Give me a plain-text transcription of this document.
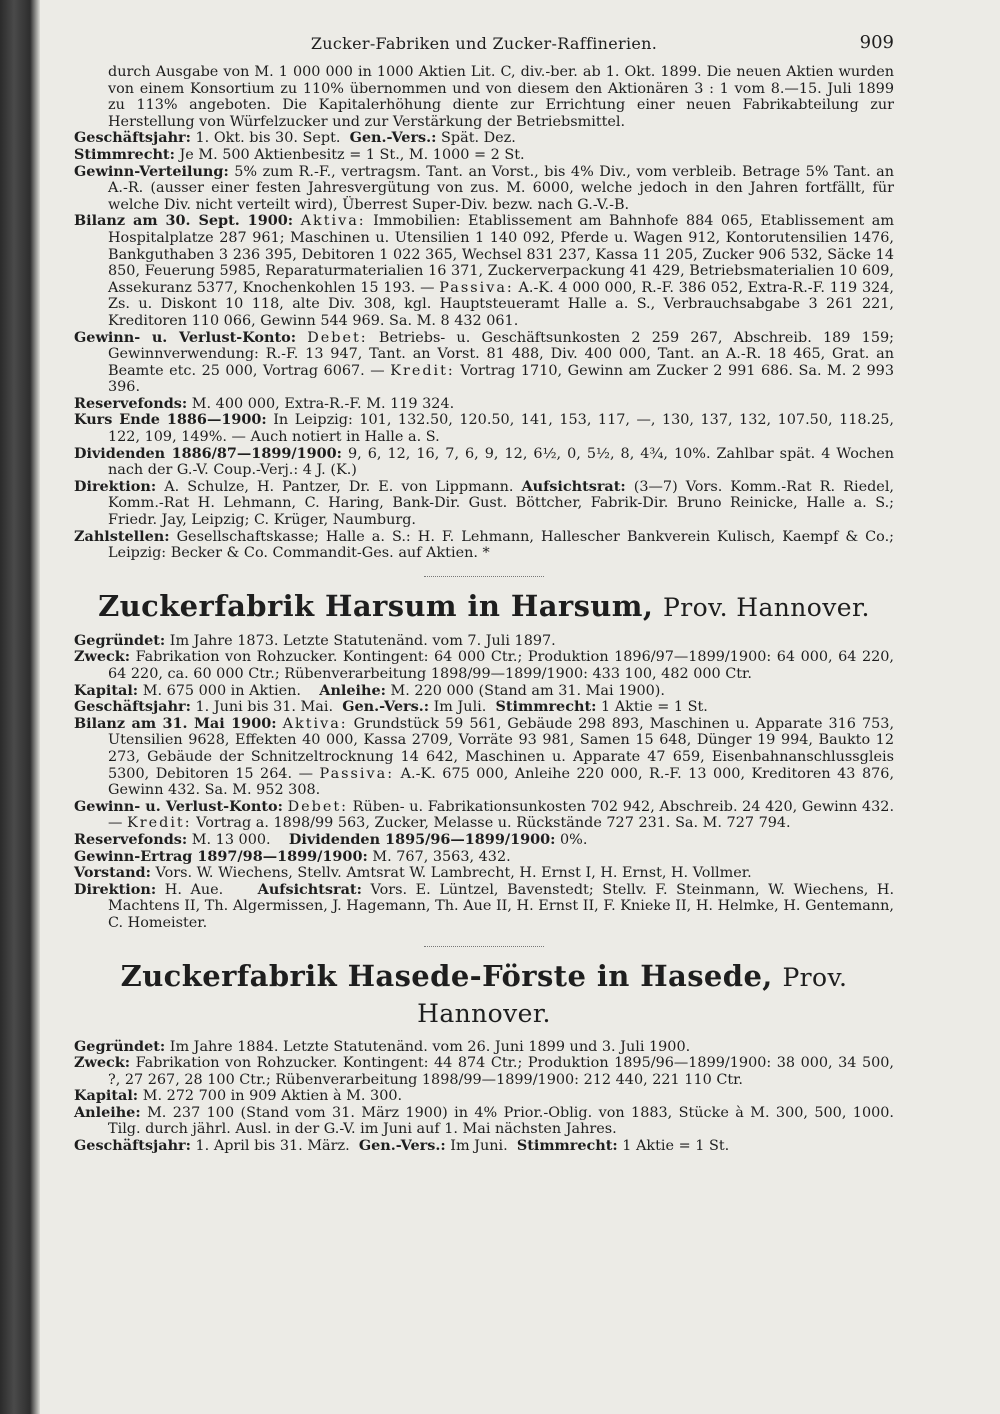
Zucker-Fabriken und Zucker-Raffinerien.	909

durch Ausgabe von M. 1 000 000 in 1000 Aktien Lit. C, div.-ber. ab 1. Okt. 1899. Die neuen Aktien wurden von einem Konsortium zu 110% übernommen und von diesem den Aktionären 3 : 1 vom 8.—15. Juli 1899 zu 113% angeboten. Die Kapitalerhöhung diente zur Errichtung einer neuen Fabrikabteilung zur Herstellung von Würfelzucker und zur Verstärkung der Betriebsmittel.

Geschäftsjahr: 1. Okt. bis 30. Sept. Gen.-Vers.: Spät. Dez.

Stimmrecht: Je M. 500 Aktienbesitz = 1 St., M. 1000 = 2 St.

Gewinn-Verteilung: 5% zum R.-F., vertragsm. Tant. an Vorst., bis 4% Div., vom verbleib. Betrage 5% Tant. an A.-R. (ausser einer festen Jahresvergütung von zus. M. 6000, welche jedoch in den Jahren fortfällt, für welche Div. nicht verteilt wird), Überrest Super-Div. bezw. nach G.-V.-B.

Bilanz am 30. Sept. 1900: Aktiva: Immobilien: Etablissement am Bahnhofe 884 065, Etablissement am Hospitalplatze 287 961; Maschinen u. Utensilien 1 140 092, Pferde u. Wagen 912, Kontorutensilien 1476, Bankguthaben 3 236 395, Debitoren 1 022 365, Wechsel 831 237, Kassa 11 205, Zucker 906 532, Säcke 14 850, Feuerung 5985, Reparaturmaterialien 16 371, Zuckerverpackung 41 429, Betriebsmaterialien 10 609, Assekuranz 5377, Knochenkohlen 15 193. — Passiva: A.-K. 4 000 000, R.-F. 386 052, Extra-R.-F. 119 324, Zs. u. Diskont 10 118, alte Div. 308, kgl. Hauptsteueramt Halle a. S., Verbrauchsabgabe 3 261 221, Kreditoren 110 066, Gewinn 544 969. Sa. M. 8 432 061.

Gewinn- u. Verlust-Konto: Debet: Betriebs- u. Geschäftsunkosten 2 259 267, Abschreib. 189 159; Gewinnverwendung: R.-F. 13 947, Tant. an Vorst. 81 488, Div. 400 000, Tant. an A.-R. 18 465, Grat. an Beamte etc. 25 000, Vortrag 6067. — Kredit: Vortrag 1710, Gewinn am Zucker 2 991 686. Sa. M. 2 993 396.

Reservefonds: M. 400 000, Extra-R.-F. M. 119 324.

Kurs Ende 1886—1900: In Leipzig: 101, 132.50, 120.50, 141, 153, 117, —, 130, 137, 132, 107.50, 118.25, 122, 109, 149%. — Auch notiert in Halle a. S.

Dividenden 1886/87—1899/1900: 9, 6, 12, 16, 7, 6, 9, 12, 6½, 0, 5½, 8, 4¾, 10%. Zahlbar spät. 4 Wochen nach der G.-V. Coup.-Verj.: 4 J. (K.)

Direktion: A. Schulze, H. Pantzer, Dr. E. von Lippmann. Aufsichtsrat: (3—7) Vors. Komm.-Rat R. Riedel, Komm.-Rat H. Lehmann, C. Haring, Bank-Dir. Gust. Böttcher, Fabrik-Dir. Bruno Reinicke, Halle a. S.; Friedr. Jay, Leipzig; C. Krüger, Naumburg.

Zahlstellen: Gesellschaftskasse; Halle a. S.: H. F. Lehmann, Hallescher Bankverein Kulisch, Kaempf & Co.; Leipzig: Becker & Co. Commandit-Ges. auf Aktien. *

Zuckerfabrik Harsum in Harsum, Prov. Hannover.

Gegründet: Im Jahre 1873. Letzte Statutenänd. vom 7. Juli 1897.

Zweck: Fabrikation von Rohzucker. Kontingent: 64 000 Ctr.; Produktion 1896/97—1899/1900: 64 000, 64 220, 64 220, ca. 60 000 Ctr.; Rübenverarbeitung 1898/99—1899/1900: 433 100, 482 000 Ctr.

Kapital: M. 675 000 in Aktien. Anleihe: M. 220 000 (Stand am 31. Mai 1900).

Geschäftsjahr: 1. Juni bis 31. Mai. Gen.-Vers.: Im Juli. Stimmrecht: 1 Aktie = 1 St.

Bilanz am 31. Mai 1900: Aktiva: Grundstück 59 561, Gebäude 298 893, Maschinen u. Apparate 316 753, Utensilien 9628, Effekten 40 000, Kassa 2709, Vorräte 93 981, Samen 15 648, Dünger 19 994, Baukto 12 273, Gebäude der Schnitzeltrocknung 14 642, Maschinen u. Apparate 47 659, Eisenbahnanschlussgleis 5300, Debitoren 15 264. — Passiva: A.-K. 675 000, Anleihe 220 000, R.-F. 13 000, Kreditoren 43 876, Gewinn 432. Sa. M. 952 308.

Gewinn- u. Verlust-Konto: Debet: Rüben- u. Fabrikationsunkosten 702 942, Abschreib. 24 420, Gewinn 432. — Kredit: Vortrag a. 1898/99 563, Zucker, Melasse u. Rückstände 727 231. Sa. M. 727 794.

Reservefonds: M. 13 000. Dividenden 1895/96—1899/1900: 0%.

Gewinn-Ertrag 1897/98—1899/1900: M. 767, 3563, 432.

Vorstand: Vors. W. Wiechens, Stellv. Amtsrat W. Lambrecht, H. Ernst I, H. Ernst, H. Vollmer.

Direktion: H. Aue. Aufsichtsrat: Vors. E. Lüntzel, Bavenstedt; Stellv. F. Steinmann, W. Wiechens, H. Machtens II, Th. Algermissen, J. Hagemann, Th. Aue II, H. Ernst II, F. Knieke II, H. Helmke, H. Gentemann, C. Homeister.

Zuckerfabrik Hasede-Förste in Hasede, Prov. Hannover.

Gegründet: Im Jahre 1884. Letzte Statutenänd. vom 26. Juni 1899 und 3. Juli 1900.

Zweck: Fabrikation von Rohzucker. Kontingent: 44 874 Ctr.; Produktion 1895/96—1899/1900: 38 000, 34 500, ?, 27 267, 28 100 Ctr.; Rübenverarbeitung 1898/99—1899/1900: 212 440, 221 110 Ctr.

Kapital: M. 272 700 in 909 Aktien à M. 300.

Anleihe: M. 237 100 (Stand vom 31. März 1900) in 4% Prior.-Oblig. von 1883, Stücke à M. 300, 500, 1000. Tilg. durch jährl. Ausl. in der G.-V. im Juni auf 1. Mai nächsten Jahres.

Geschäftsjahr: 1. April bis 31. März. Gen.-Vers.: Im Juni. Stimmrecht: 1 Aktie = 1 St.
